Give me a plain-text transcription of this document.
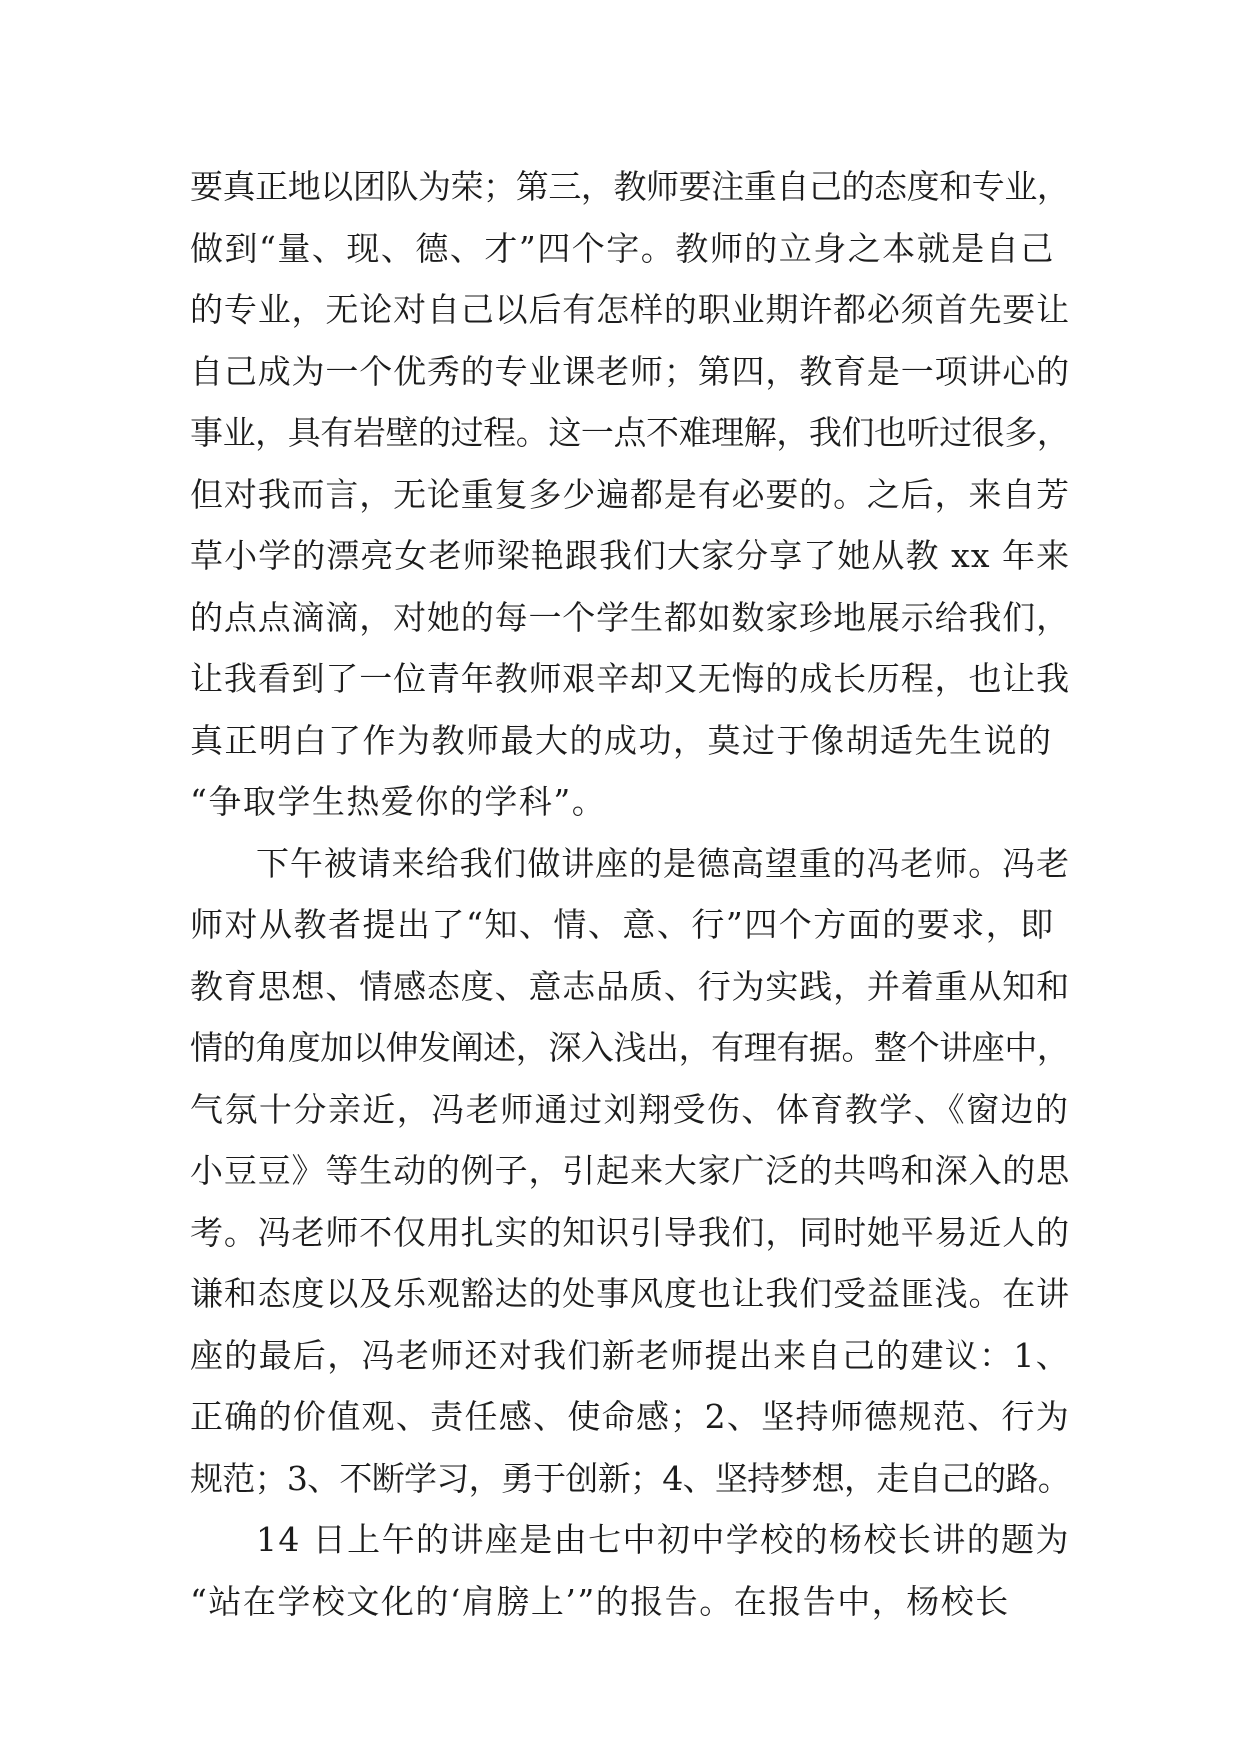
要真正地以团队为荣；第三，教师要注重自己的态度和专业，
做到“量、现、德、才”四个字。教师的立身之本就是自己
的专业，无论对自己以后有怎样的职业期许都必须首先要让
自己成为一个优秀的专业课老师；第四，教育是一项讲心的
事业，具有岩壁的过程。这一点不难理解，我们也听过很多，
但对我而言，无论重复多少遍都是有必要的。之后，来自芳
草小学的漂亮女老师梁艳跟我们大家分享了她从教 xx 年来
的点点滴滴，对她的每一个学生都如数家珍地展示给我们，
让我看到了一位青年教师艰辛却又无悔的成长历程，也让我
真正明白了作为教师最大的成功，莫过于像胡适先生说的
“争取学生热爱你的学科”。
下午被请来给我们做讲座的是德高望重的冯老师。冯老
师对从教者提出了“知、情、意、行”四个方面的要求，即
教育思想、情感态度、意志品质、行为实践，并着重从知和
情的角度加以伸发阐述，深入浅出，有理有据。整个讲座中，
气氛十分亲近，冯老师通过刘翔受伤、体育教学、《窗边的
小豆豆》等生动的例子，引起来大家广泛的共鸣和深入的思
考。冯老师不仅用扎实的知识引导我们，同时她平易近人的
谦和态度以及乐观豁达的处事风度也让我们受益匪浅。在讲
座的最后，冯老师还对我们新老师提出来自己的建议：1、
正确的价值观、责任感、使命感；2、坚持师德规范、行为
规范；3、不断学习，勇于创新；4、坚持梦想，走自己的路。
14 日上午的讲座是由七中初中学校的杨校长讲的题为
“站在学校文化的‘肩膀上’”的报告。在报告中，杨校长
